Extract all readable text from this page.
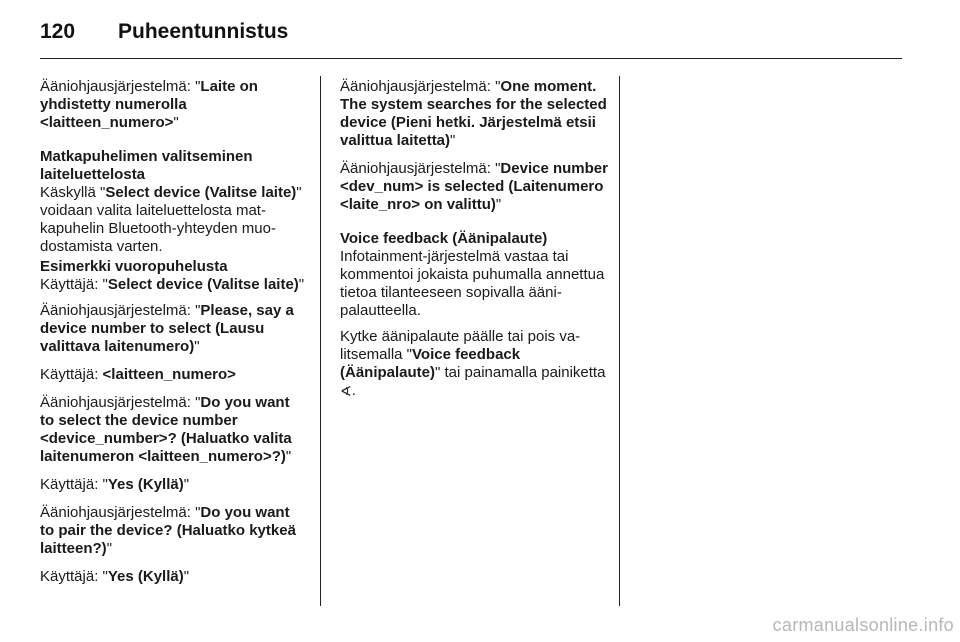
120 Puheentunnistus

Ääniohjausjärjestelmä: "Laite on yhdistetty numerolla <laitteen_numero>"

Matkapuhelimen valitseminen laiteluettelosta
Käskyllä "Select device (Valitse laite)" voidaan valita laiteluettelosta matkapuhelin Bluetooth-yhteyden muodostamista varten.

Esimerkki vuoropuhelusta
Käyttäjä: "Select device (Valitse laite)"

Ääniohjausjärjestelmä: "Please, say a device number to select (Lausu valittava laitenumero)"

Käyttäjä: <laitteen_numero>

Ääniohjausjärjestelmä: "Do you want to select the device number <device_number>? (Haluatko valita laitenumeron <laitteen_numero>?)"

Käyttäjä: "Yes (Kyllä)"

Ääniohjausjärjestelmä: "Do you want to pair the device? (Haluatko kytkeä laitteen?)"

Käyttäjä: "Yes (Kyllä)"

Ääniohjausjärjestelmä: "One moment. The system searches for the selected device (Pieni hetki. Järjestelmä etsii valittua laitetta)"

Ääniohjausjärjestelmä: "Device number <dev_num> is selected (Laitenumero <laite_nro> on valittu)"

Voice feedback (Äänipalaute)
Infotainment-järjestelmä vastaa tai kommentoi jokaista puhumalla annettua tietoa tilanteeseen sopivalla äänipalautteella.

Kytke äänipalaute päälle tai pois valitsemalla "Voice feedback (Äänipalaute)" tai painamalla painiketta ∢.

carmanualsonline.info
